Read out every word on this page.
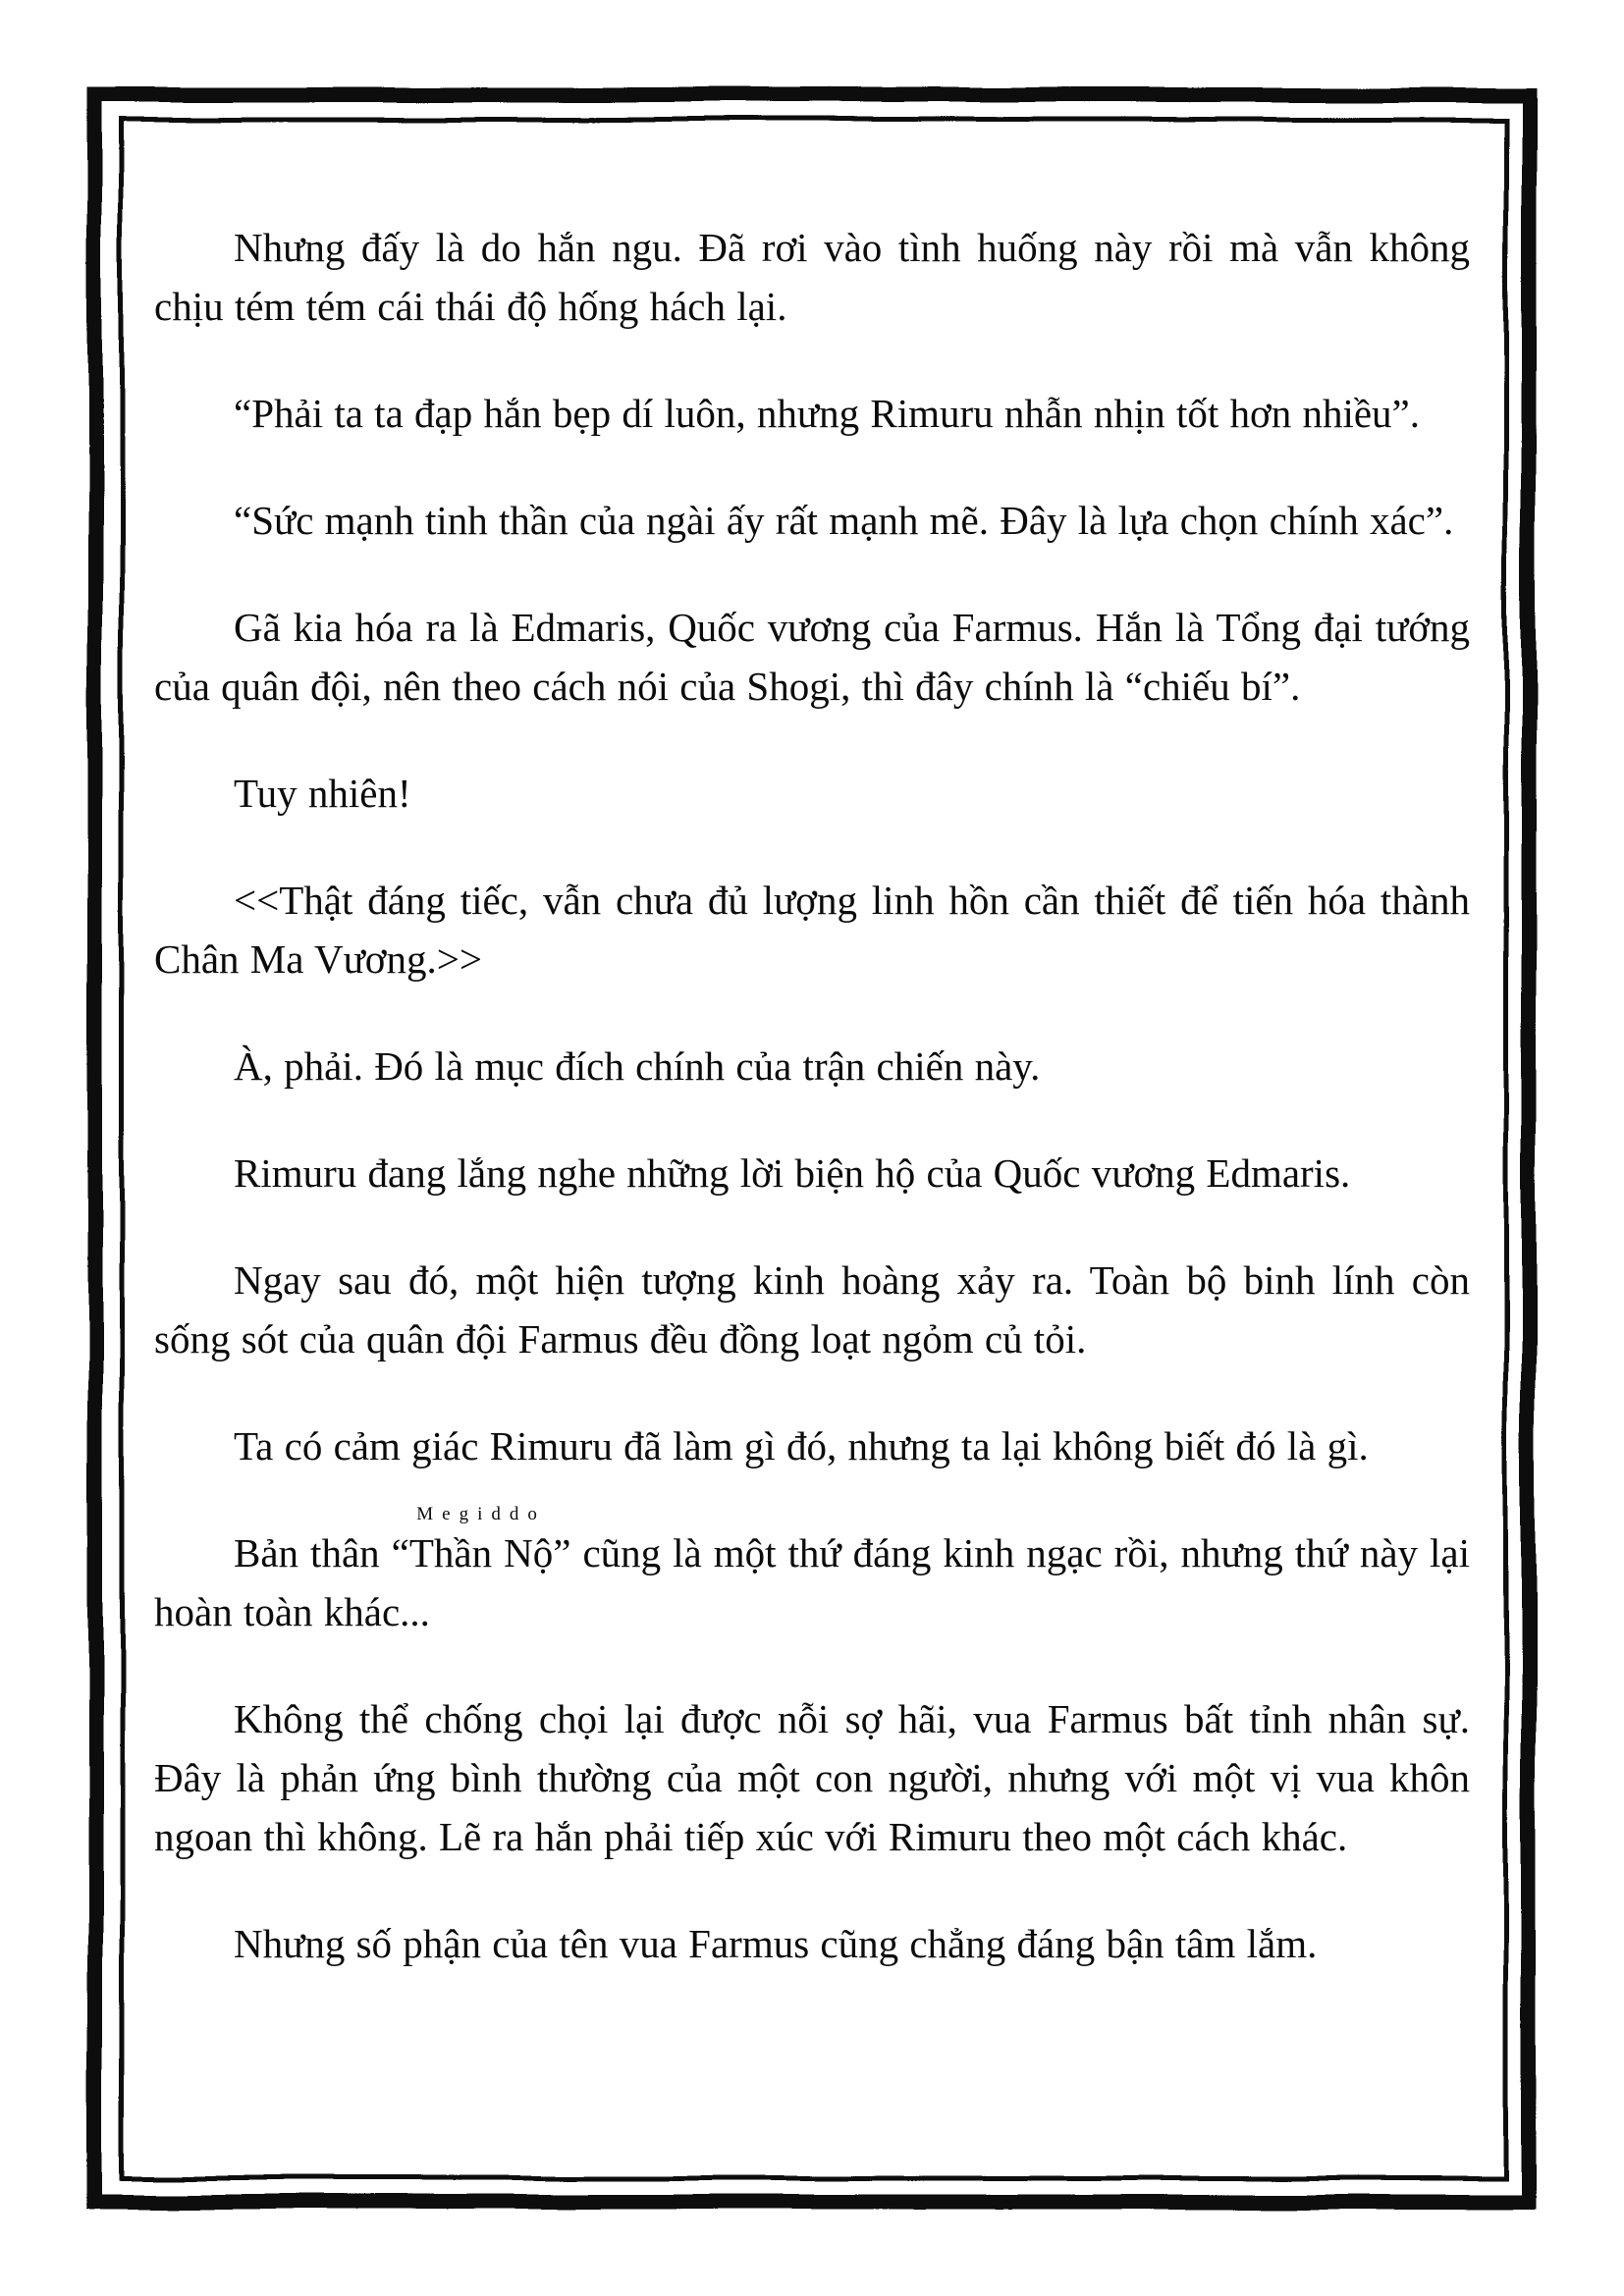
Nhưng đấy là do hắn ngu. Đã rơi vào tình huống này rồi mà vẫn không chịu tém tém cái thái độ hống hách lại.

“Phải ta ta đạp hắn bẹp dí luôn, nhưng Rimuru nhẫn nhịn tốt hơn nhiều”.

“Sức mạnh tinh thần của ngài ấy rất mạnh mẽ. Đây là lựa chọn chính xác”.

Gã kia hóa ra là Edmaris, Quốc vương của Farmus. Hắn là Tổng đại tướng của quân đội, nên theo cách nói của Shogi, thì đây chính là “chiếu bí”.

Tuy nhiên!

<<Thật đáng tiếc, vẫn chưa đủ lượng linh hồn cần thiết để tiến hóa thành Chân Ma Vương.>>

À, phải. Đó là mục đích chính của trận chiến này.

Rimuru đang lắng nghe những lời biện hộ của Quốc vương Edmaris.

Ngay sau đó, một hiện tượng kinh hoàng xảy ra. Toàn bộ binh lính còn sống sót của quân đội Farmus đều đồng loạt ngỏm củ tỏi.

Ta có cảm giác Rimuru đã làm gì đó, nhưng ta lại không biết đó là gì.

Bản thân “
Megiddo
Thần Nộ” cũng là một thứ đáng kinh ngạc rồi, nhưng thứ này lại hoàn toàn khác...

Không thể chống chọi lại được nỗi sợ hãi, vua Farmus bất tỉnh nhân sự. Đây là phản ứng bình thường của một con người, nhưng với một vị vua khôn ngoan thì không. Lẽ ra hắn phải tiếp xúc với Rimuru theo một cách khác.

Nhưng số phận của tên vua Farmus cũng chẳng đáng bận tâm lắm.
